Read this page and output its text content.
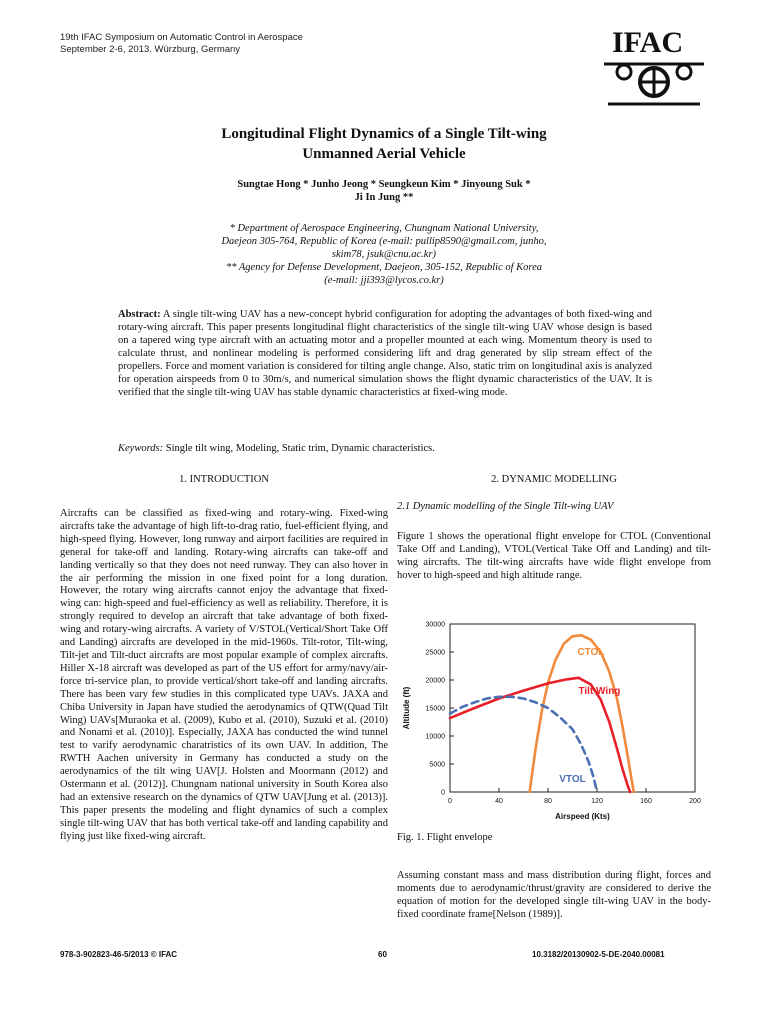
19th IFAC Symposium on Automatic Control in Aerospace
September 2-6, 2013. Würzburg, Germany	IFAC
Longitudinal Flight Dynamics of a Single Tilt-wing
Unmanned Aerial Vehicle
Sungtae Hong * Junho Jeong * Seungkeun Kim * Jinyoung Suk *
Ji In Jung **
* Department of Aerospace Engineering, Chungnam National University,
Daejeon 305-764, Republic of Korea (e-mail: pullip8590@gmail.com, junho,
skim78, jsuk@cnu.ac.kr)
** Agency for Defense Development, Daejeon, 305-152, Republic of Korea
(e-mail: jji393@lycos.co.kr)
Abstract: A single tilt-wing UAV has a new-concept hybrid configuration for adopting the advantages of both fixed-wing and rotary-wing aircraft. This paper presents longitudinal flight characteristics of the single tilt-wing UAV whose design is based on a tapered wing type aircraft with an actuating motor and a propeller mounted at each wing. Momentum theory is used to calculate thrust, and nonlinear modeling is performed considering lift and drag generated by slip stream effect of the propellers. Force and moment variation is considered for tilting angle change. Also, static trim on longitudinal axis is analyzed for operation airspeeds from 0 to 30m/s, and numerical simulation shows the flight dynamic characteristics of the UAV. It is verified that the single tilt-wing UAV has stable dynamic characteristics at fixed-wing mode.
Keywords: Single tilt wing, Modeling, Static trim, Dynamic characteristics.
1. INTRODUCTION
Aircrafts can be classified as fixed-wing and rotary-wing. Fixed-wing aircrafts take the advantage of high lift-to-drag ratio, fuel-efficient flying, and high-speed flying. However, long runway and airport facilities are required in general for take-off and landing. Rotary-wing aircrafts can take-off and landing vertically so that they does not need runway. They can also hover in the air performing the mission in one fixed point for a long duration. However, the rotary wing aircrafts cannot enjoy the advantage that fixed-wing can: high-speed and fuel-efficiency as well as reliability. Therefore, it is strongly required to develop an aircraft that take advantage of both fixed-wing and rotary-wing aircrafts. A variety of V/STOL(Vertical/Short Take Off and Landing) aircrafts are developed in the mid-1960s. Tilt-rotor, Tilt-wing, Tilt-jet and Tilt-duct aircrafts are most popular example of complex aircrafts. Hiller X-18 aircraft was developed as part of the US effort for army/navy/air-force tri-service plan, to provide vertical/short take-off and landing aircrafts. There has been vary few studies in this complicated type UAVs. JAXA and Chiba University in Japan have studied the aerodynamics of QTW(Quad Tilt Wing) UAVs[Muraoka et al. (2009), Kubo et al. (2010), Suzuki et al. (2010) and Nonami et al. (2010)]. Especially, JAXA has conducted the wind tunnel test to varify aerodynamic charatristics of its own UAV. In addition, The RWTH Aachen university in Germany has conducted a study on the aerodynamics of the tilt wing UAV[J. Holsten and Moormann (2012) and Ostermann et al. (2012)]. Chungnam national university in South Korea also had an extensive research on the dynamics of QTW UAV[Jung et al. (2013)]. This paper presents the modeling and flight dynamics of such a complex single tilt-wing UAV that has both vertical take-off and landing capability and flying just like fixed-wing aircraft.
2. DYNAMIC MODELLING
2.1 Dynamic modelling of the Single Tilt-wing UAV
Figure 1 shows the operational flight envelope for CTOL (Conventional Take Off and Landing), VTOL(Vertical Take Off and Landing) and tilt-wing aircrafts. The tilt-wing aircrafts have wide flight envelope from hover to high-speed and high altitude range.
0	40	80	120	160	200
0
5000
10000
15000
20000
25000
30000
Airspeed (Kts)
Altitude (ft)
CTOL
Tilt Wing
VTOL
Fig. 1. Flight envelope
Assuming constant mass and mass distribution during flight, forces and moments due to aerodynamic/thrust/gravity are considered to derive the equation of motion for the developed single tilt-wing UAV in the body-fixed coordinate frame[Nelson (1989)].
978-3-902823-46-5/2013 © IFAC	60	10.3182/20130902-5-DE-2040.00081
